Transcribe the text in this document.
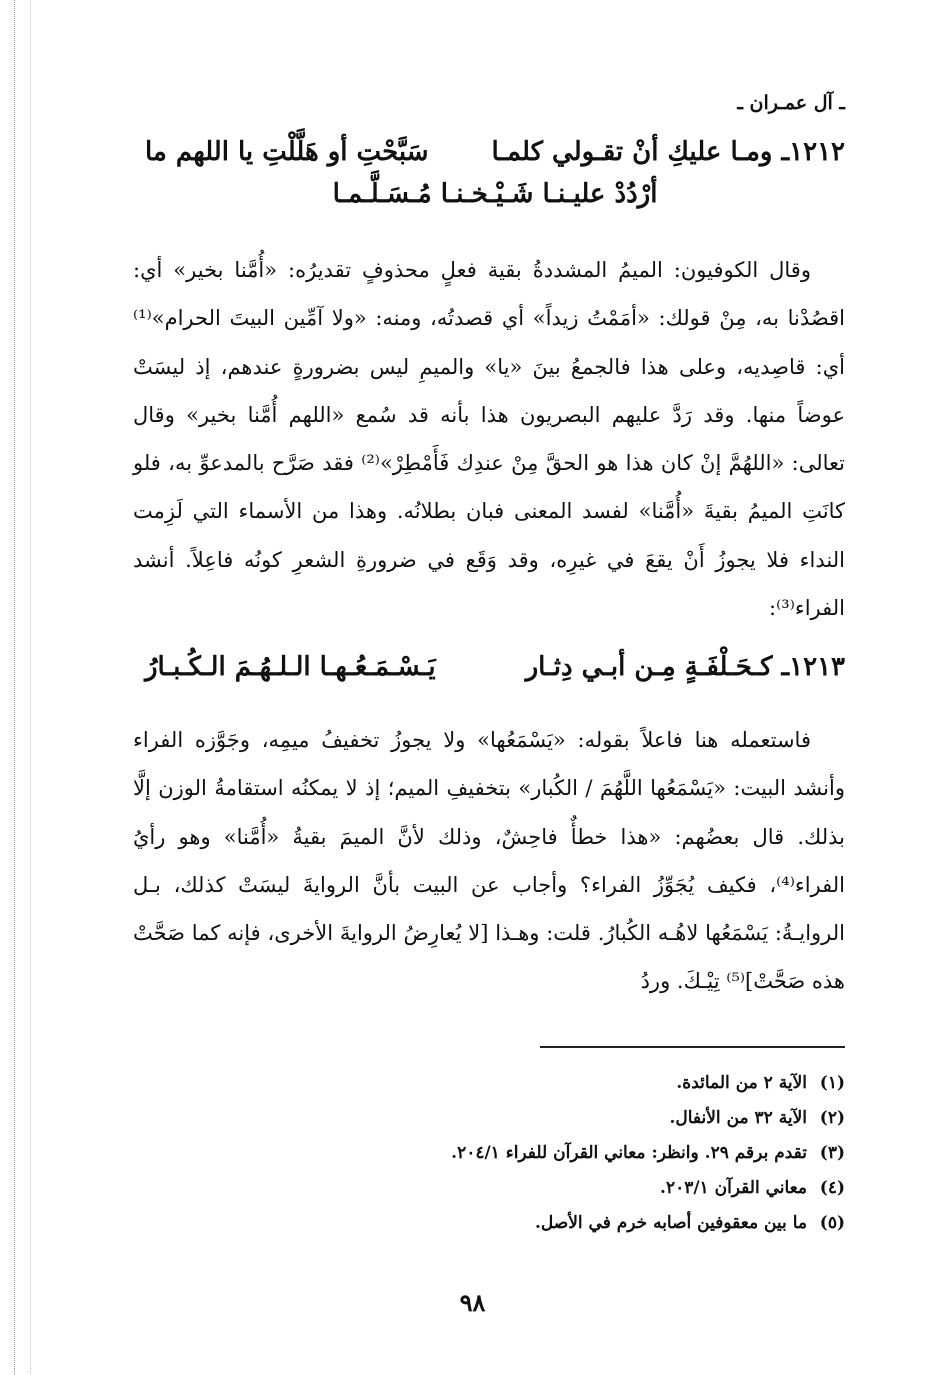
ـ آل عمـران ـ
١٢١٢ـ ومـا عليكِ أنْ تقـولي كلمـا
سَبَّحْتِ أو هَلَّلْتِ يا اللهم ما
أرْدُدْ عليـنـا شَـيْـخـنـا مُـسَـلَّـمـا

وقال الكوفيون: الميمُ المشددةُ بقية فعلٍ محذوفٍ تقديرُه: «أُمَّنا بخير» أي: اقصُدْنا به، مِنْ قولك: «أمَمْتُ زيداً» أي قصدتُه، ومنه: «ولا آمِّين البيتَ الحرام»⁽¹⁾ أي: قاصِديه، وعلى هذا فالجمعُ بينَ «يا» والميمِ ليس بضرورةٍ عندهم، إذ ليسَتْ عوضاً منها. وقد رَدَّ عليهم البصريون هذا بأنه قد سُمع «اللهم أُمَّنا بخير» وقال تعالى: «اللهُمَّ إنْ كان هذا هو الحقَّ مِنْ عندِك فَأَمْطِرْ»⁽²⁾ فقد صَرَّح بالمدعوِّ به، فلو كانَتِ الميمُ بقيةَ «أُمَّنا» لفسد المعنى فبان بطلانُه. وهذا من الأسماء التي لَزِمت النداء فلا يجوزُ أَنْ يقعَ في غيرِه، وقد وَقَع في ضرورةِ الشعرِ كونُه فاعِلاً. أنشد الفراء⁽³⁾:

١٢١٣ـ كـحَـلْفَـةٍ مِـن أبـي دِثـار
يَـسْـمَـعُـهـا الـلـهُـمَ الـكُـبـارُ

فاستعمله هنا فاعلاً بقوله: «يَسْمَعُها» ولا يجوزُ تخفيفُ ميمِه، وجَوَّزه الفراء وأنشد البيت: «يَسْمَعُها اللَّهُمَ / الكُبار» بتخفيفِ الميم؛ إذ لا يمكنُه استقامةُ الوزن إلَّا بذلك. قال بعضُهم: «هذا خطأٌ فاحِشٌ، وذلك لأنَّ الميمَ بقيةُ «أُمَّنا» وهو رأيُ الفراء⁽⁴⁾، فكيف يُجَوِّزُ الفراء؟ وأجاب عن البيت بأنَّ الروايةَ ليسَتْ كذلك، بـل الروايـةُ: يَسْمَعُها لاهُـه الكُبارُ. قلت: وهـذا [لا يُعارِضُ الروايةَ الأخرى، فإنه كما صَحَّتْ هذه صَحَّتْ]⁽⁵⁾ تِيْـكَ. وردُ

(١)
الآية ٢ من المائدة.
(٢)
الآية ٣٢ من الأنفال.
(٣)
تقدم برقم ٢٩. وانظر: معاني القرآن للفراء ٢٠٤/١.
(٤)
معاني القرآن ٢٠٣/١.
(٥)
ما بين معقوفين أصابه خرم في الأصل.
٩٨
